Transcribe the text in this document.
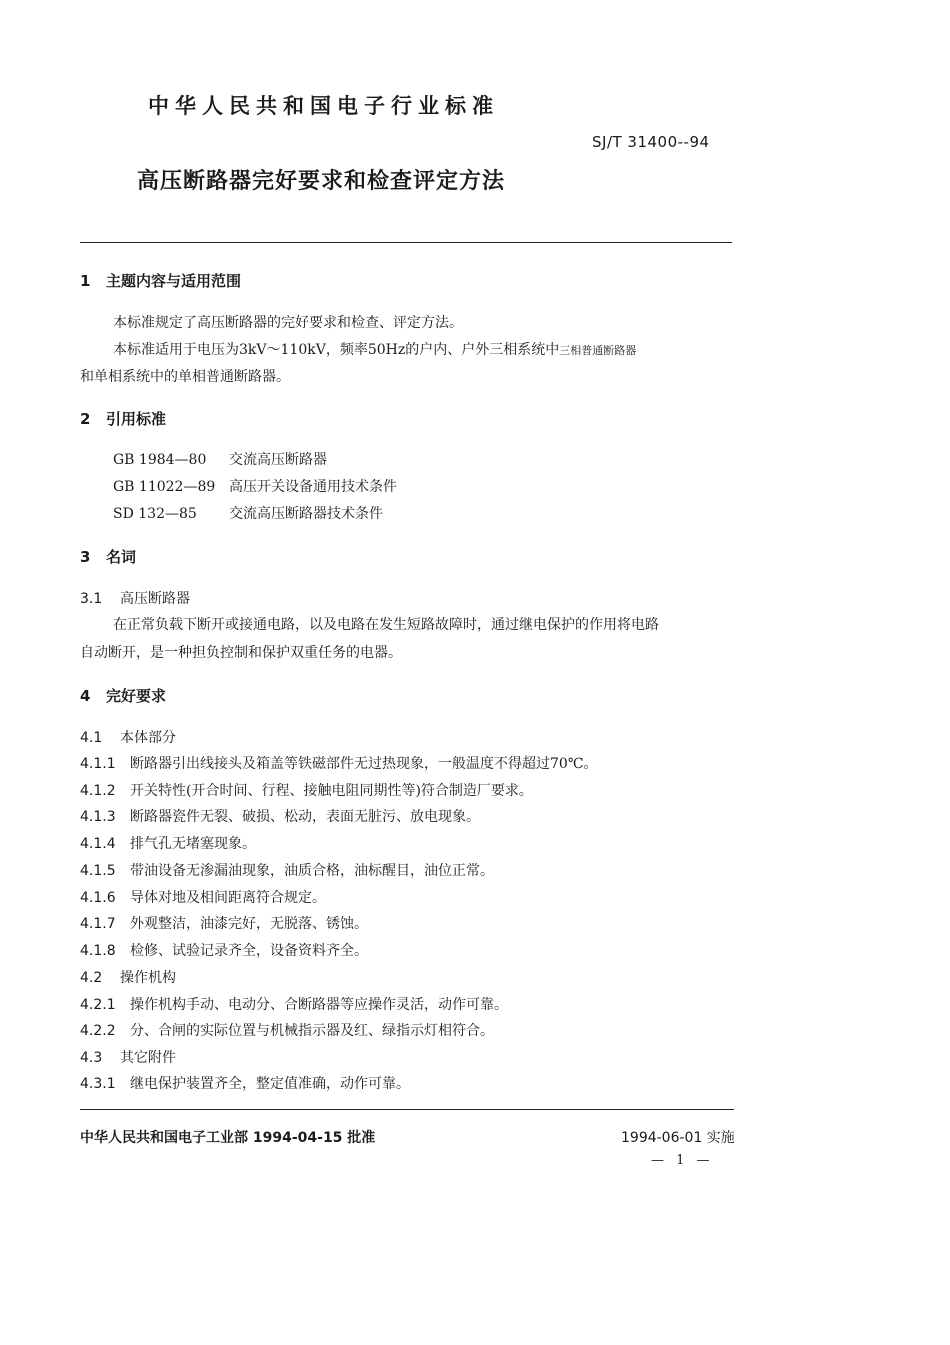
中华人民共和国电子行业标准
SJ/T 31400--94
高压断路器完好要求和检查评定方法
1 主题内容与适用范围
本标准规定了高压断路器的完好要求和检查、评定方法。
本标准适用于电压为3kV～110kV，频率50Hz的户内、户外三相系统中三相普通断路器
和单相系统中的单相普通断路器。
2 引用标准
GB 1984—80 交流高压断路器
GB 11022—89 高压开关设备通用技术条件
SD 132—85 交流高压断路器技术条件
3 名词
3.1 高压断路器
在正常负载下断开或接通电路，以及电路在发生短路故障时，通过继电保护的作用将电路
自动断开，是一种担负控制和保护双重任务的电器。
4 完好要求
4.1 本体部分
4.1.1 断路器引出线接头及箱盖等铁磁部件无过热现象，一般温度不得超过70℃。
4.1.2 开关特性(开合时间、行程、接触电阻同期性等)符合制造厂要求。
4.1.3 断路器瓷件无裂、破损、松动，表面无脏污、放电现象。
4.1.4 排气孔无堵塞现象。
4.1.5 带油设备无渗漏油现象，油质合格，油标醒目，油位正常。
4.1.6 导体对地及相间距离符合规定。
4.1.7 外观整洁，油漆完好，无脱落、锈蚀。
4.1.8 检修、试验记录齐全，设备资料齐全。
4.2 操作机构
4.2.1 操作机构手动、电动分、合断路器等应操作灵活，动作可靠。
4.2.2 分、合闸的实际位置与机械指示器及红、绿指示灯相符合。
4.3 其它附件
4.3.1 继电保护装置齐全，整定值准确，动作可靠。
中华人民共和国电子工业部 1994-04-15 批准	1994-06-01 实施
— 1 —
